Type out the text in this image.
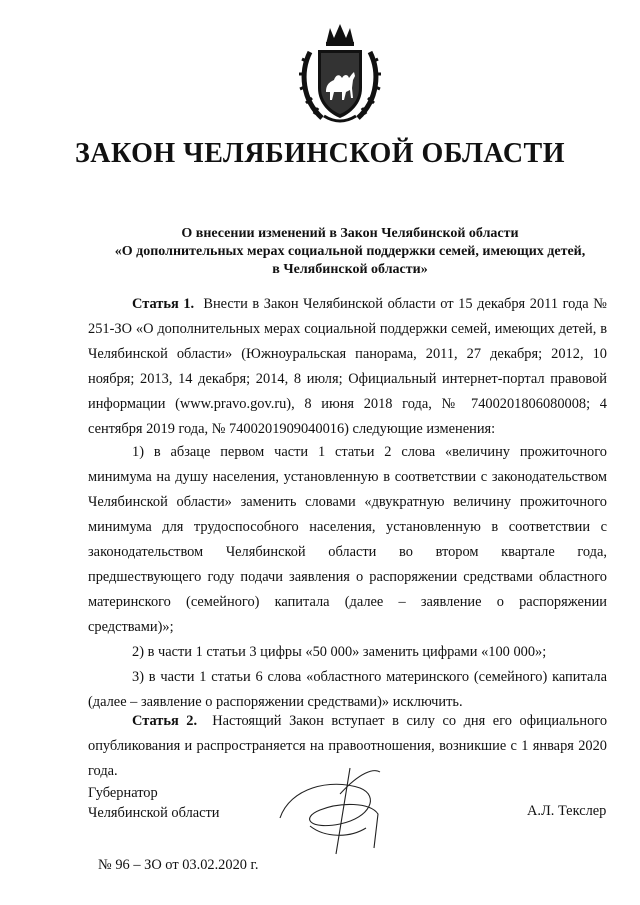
ЗАКОН ЧЕЛЯБИНСКОЙ ОБЛАСТИ
О внесении изменений в Закон Челябинской области
«О дополнительных мерах социальной поддержки семей, имеющих детей,
в Челябинской области»

Статья 1. Внести в Закон Челябинской области от 15 декабря 2011 года № 251-ЗО «О дополнительных мерах социальной поддержки семей, имеющих детей, в Челябинской области» (Южноуральская панорама, 2011, 27 декабря; 2012, 10 ноября; 2013, 14 декабря; 2014, 8 июля; Официальный интернет-портал правовой информации (www.pravo.gov.ru), 8 июня 2018 года, № 7400201806080008; 4 сентября 2019 года, № 7400201909040016) следующие изменения:

1) в абзаце первом части 1 статьи 2 слова «величину прожиточного минимума на душу населения, установленную в соответствии с законодательством Челябинской области» заменить словами «двукратную величину прожиточного минимума для трудоспособного населения, установленную в соответствии с законодательством Челябинской области во втором квартале года, предшествующего году подачи заявления о распоряжении средствами областного материнского (семейного) капитала (далее – заявление о распоряжении средствами)»;

2) в части 1 статьи 3 цифры «50 000» заменить цифрами «100 000»;

3) в части 1 статьи 6 слова «областного материнского (семейного) капитала (далее – заявление о распоряжении средствами)» исключить.

Статья 2. Настоящий Закон вступает в силу со дня его официального опубликования и распространяется на правоотношения, возникшие с 1 января 2020 года.

Губернатор
Челябинской области	А.Л. Текслер
№ 96 – ЗО от 03.02.2020 г.
